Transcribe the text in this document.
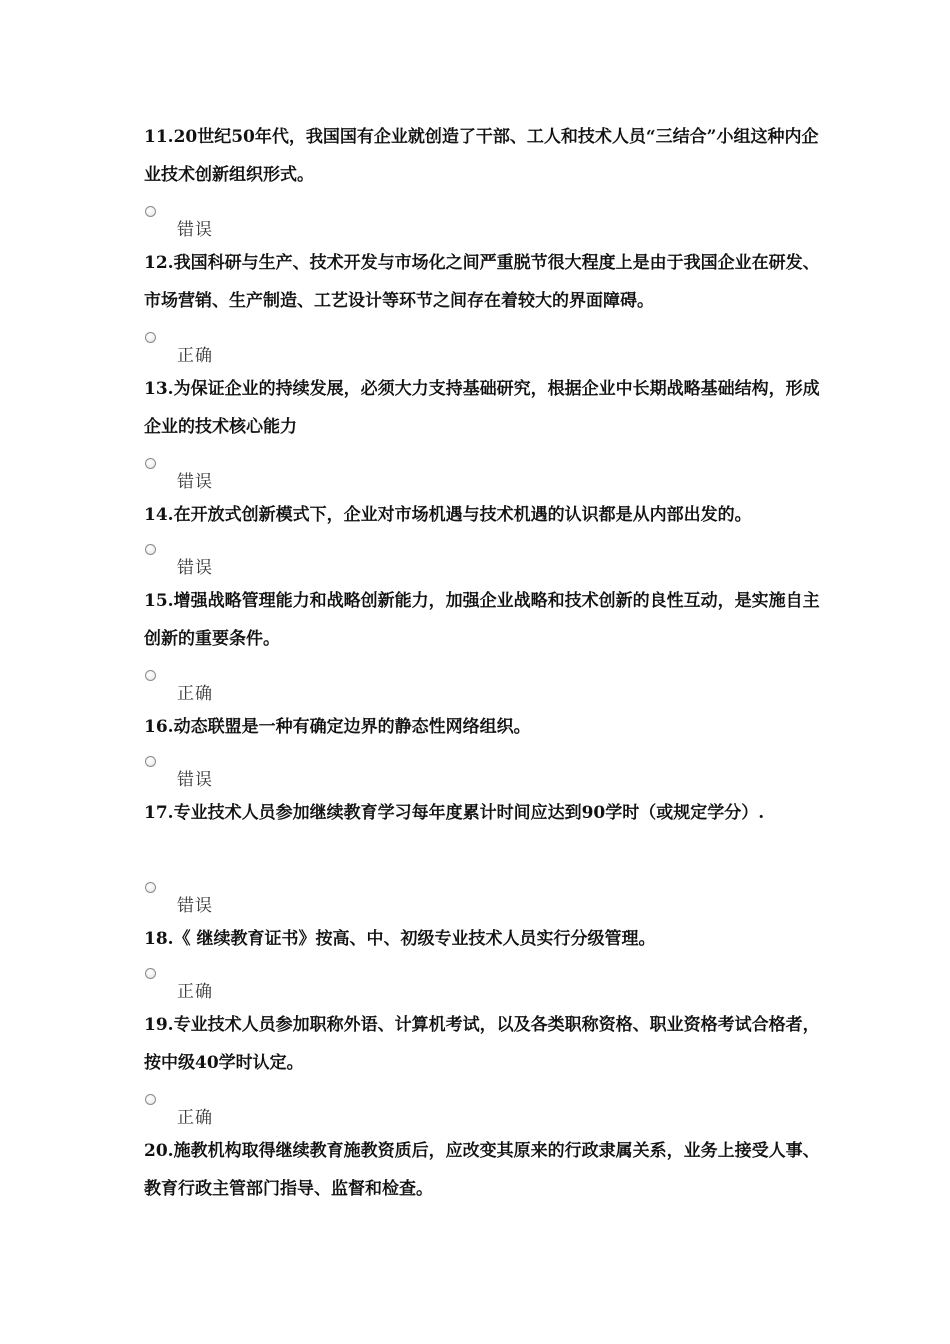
11.20世纪50年代，我国国有企业就创造了干部、工人和技术人员“三结合”小组这种内企业技术创新组织形式。
错误
12.我国科研与生产、技术开发与市场化之间严重脱节很大程度上是由于我国企业在研发、市场营销、生产制造、工艺设计等环节之间存在着较大的界面障碍。
正确
13.为保证企业的持续发展，必须大力支持基础研究，根据企业中长期战略基础结构，形成企业的技术核心能力
错误
14.在开放式创新模式下，企业对市场机遇与技术机遇的认识都是从内部出发的。
错误
15.增强战略管理能力和战略创新能力，加强企业战略和技术创新的良性互动，是实施自主创新的重要条件。
正确
16.动态联盟是一种有确定边界的静态性网络组织。
错误
17.专业技术人员参加继续教育学习每年度累计时间应达到90学时（或规定学分）.
错误
18.《 继续教育证书》按高、中、初级专业技术人员实行分级管理。
正确
19.专业技术人员参加职称外语、计算机考试，以及各类职称资格、职业资格考试合格者，按中级40学时认定。
正确
20.施教机构取得继续教育施教资质后，应改变其原来的行政隶属关系，业务上接受人事、教育行政主管部门指导、监督和检查。
